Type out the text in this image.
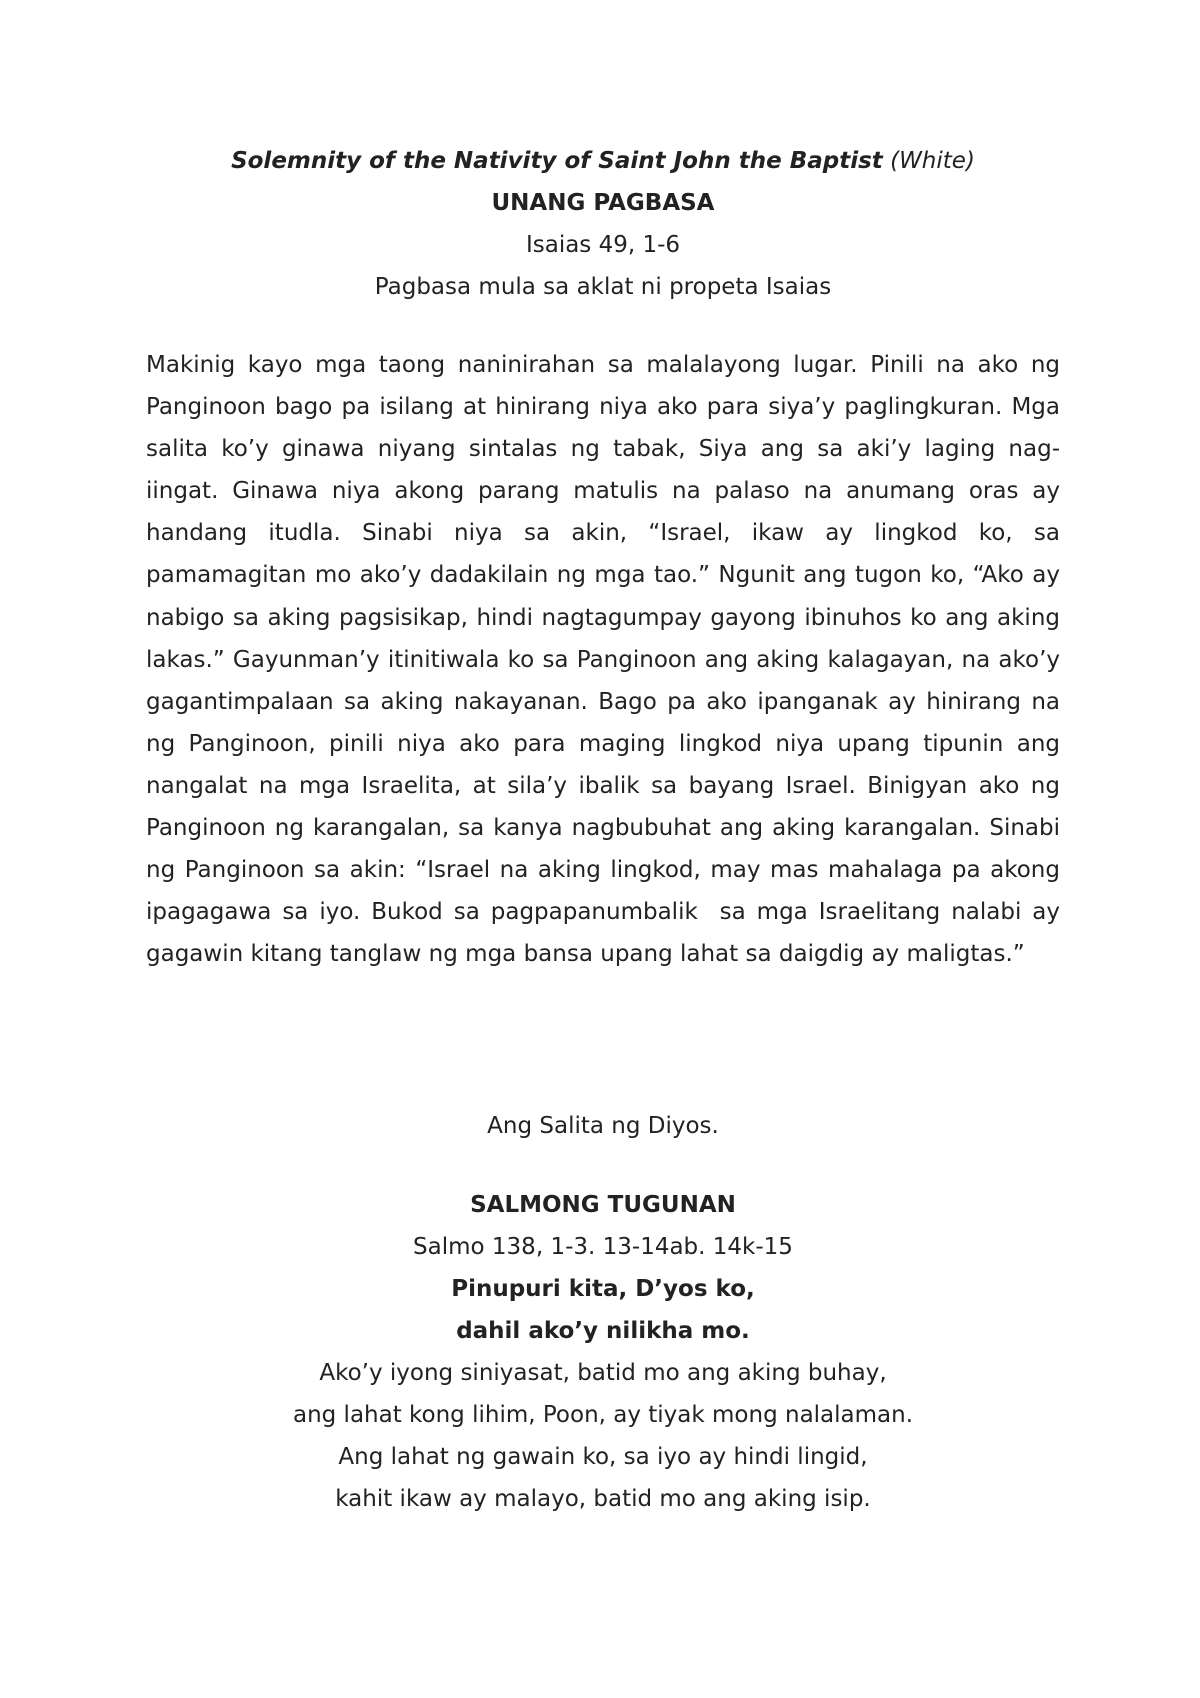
Solemnity of the Nativity of Saint John the Baptist (White)

UNANG PAGBASA

Isaias 49, 1-6

Pagbasa mula sa aklat ni propeta Isaias

Makinig kayo mga taong naninirahan sa malalayong lugar. Pinili na ako ng Panginoon bago pa isilang at hinirang niya ako para siya’y paglingkuran. Mga salita ko’y ginawa niyang sintalas ng tabak, Siya ang sa aki’y laging nag-iingat. Ginawa niya akong parang matulis na palaso na anumang oras ay handang itudla. Sinabi niya sa akin, “Israel, ikaw ay lingkod ko, sa pamamagitan mo ako’y dadakilain ng mga tao.” Ngunit ang tugon ko, “Ako ay nabigo sa aking pagsisikap, hindi nagtagumpay gayong ibinuhos ko ang aking lakas.” Gayunman’y itinitiwala ko sa Panginoon ang aking kalagayan, na ako’y gagantimpalaan sa aking nakayanan. Bago pa ako ipanganak ay hinirang na ng Panginoon, pinili niya ako para maging lingkod niya upang tipunin ang nangalat na mga Israelita, at sila’y ibalik sa bayang Israel. Binigyan ako ng Panginoon ng karangalan, sa kanya nagbubuhat ang aking karangalan. Sinabi ng Panginoon sa akin: “Israel na aking lingkod, may mas mahalaga pa akong ipagagawa sa iyo. Bukod sa pagpapanumbalik  sa mga Israelitang nalabi ay gagawin kitang tanglaw ng mga bansa upang lahat sa daigdig ay maligtas.”

Ang Salita ng Diyos.

SALMONG TUGUNAN

Salmo 138, 1-3. 13-14ab. 14k-15

Pinupuri kita, D’yos ko,

dahil ako’y nilikha mo.

Ako’y iyong siniyasat, batid mo ang aking buhay,

ang lahat kong lihim, Poon, ay tiyak mong nalalaman.

Ang lahat ng gawain ko, sa iyo ay hindi lingid,

kahit ikaw ay malayo, batid mo ang aking isip.
